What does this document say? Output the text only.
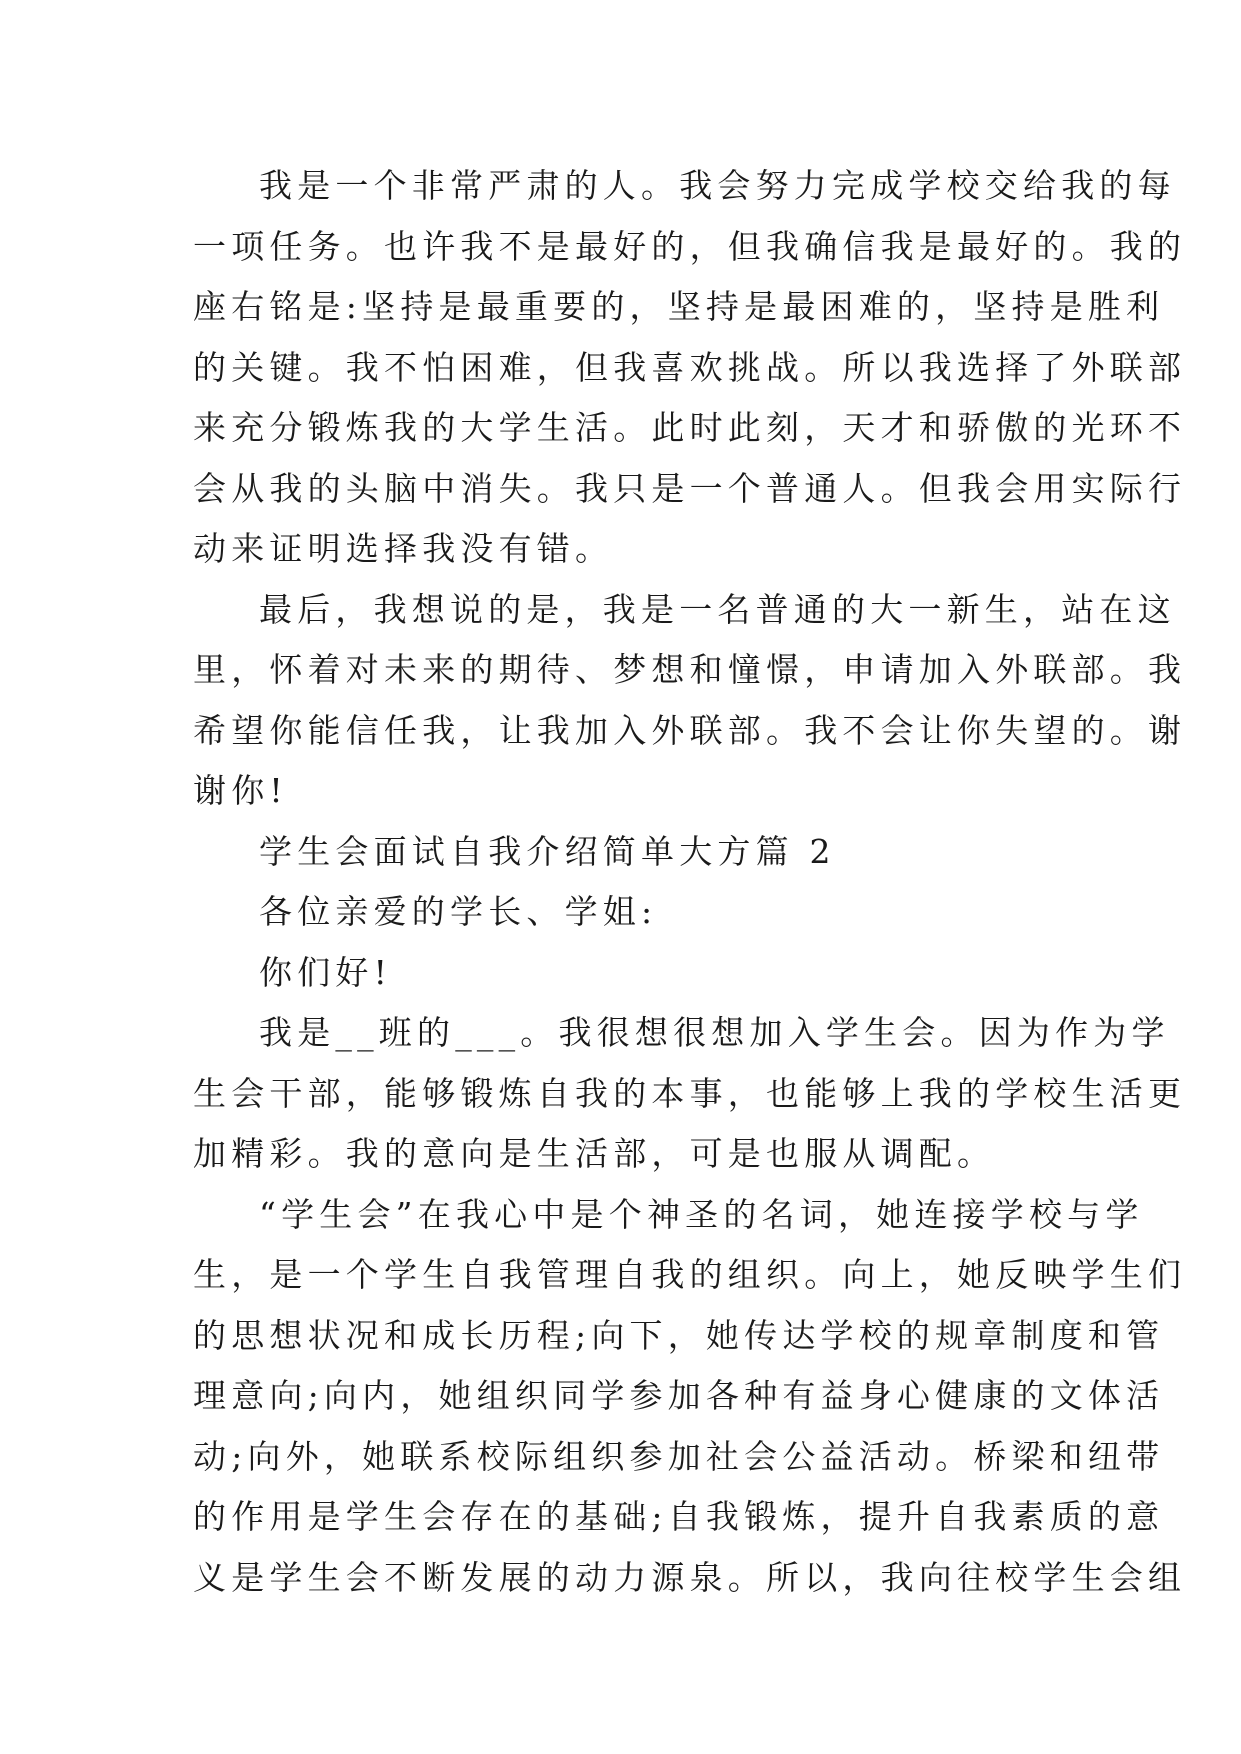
我是一个非常严肃的人。我会努力完成学校交给我的每
一项任务。也许我不是最好的，但我确信我是最好的。我的
座右铭是:坚持是最重要的，坚持是最困难的，坚持是胜利
的关键。我不怕困难，但我喜欢挑战。所以我选择了外联部
来充分锻炼我的大学生活。此时此刻，天才和骄傲的光环不
会从我的头脑中消失。我只是一个普通人。但我会用实际行
动来证明选择我没有错。
最后，我想说的是，我是一名普通的大一新生，站在这
里，怀着对未来的期待、梦想和憧憬，申请加入外联部。我
希望你能信任我，让我加入外联部。我不会让你失望的。谢
谢你!
学生会面试自我介绍简单大方篇 2
各位亲爱的学长、学姐:
你们好!
我是__班的___。我很想很想加入学生会。因为作为学
生会干部，能够锻炼自我的本事，也能够上我的学校生活更
加精彩。我的意向是生活部，可是也服从调配。
“学生会”在我心中是个神圣的名词，她连接学校与学
生，是一个学生自我管理自我的组织。向上，她反映学生们
的思想状况和成长历程;向下，她传达学校的规章制度和管
理意向;向内，她组织同学参加各种有益身心健康的文体活
动;向外，她联系校际组织参加社会公益活动。桥梁和纽带
的作用是学生会存在的基础;自我锻炼，提升自我素质的意
义是学生会不断发展的动力源泉。所以，我向往校学生会组
